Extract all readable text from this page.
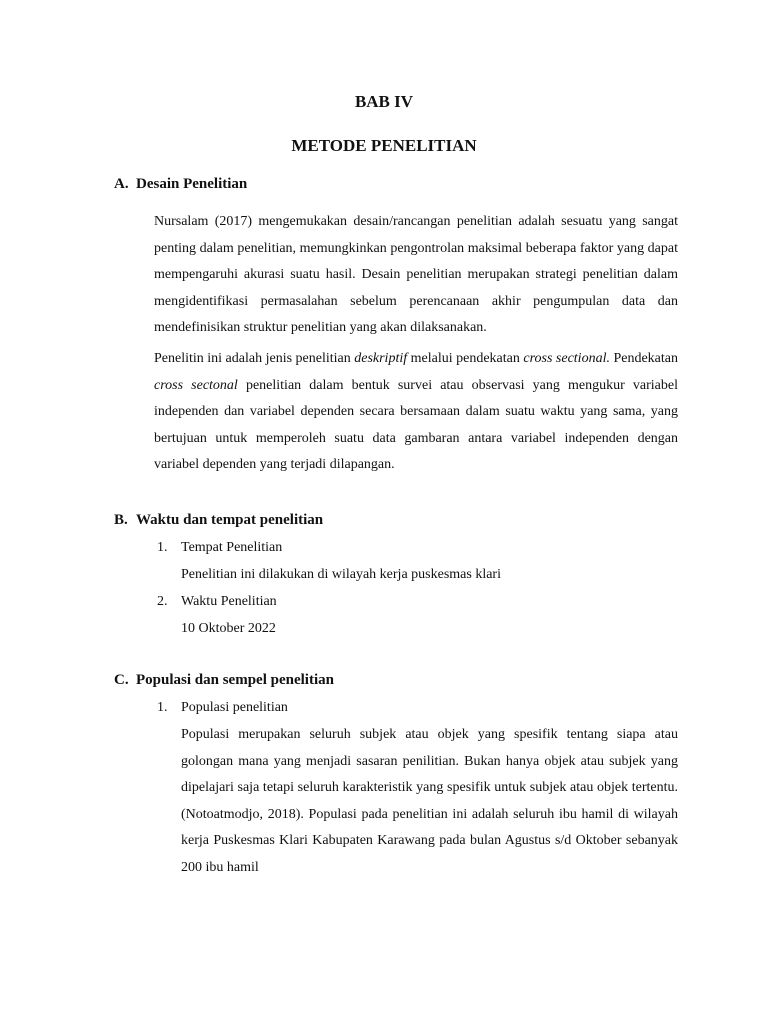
BAB IV
METODE PENELITIAN
A. Desain Penelitian

Nursalam (2017) mengemukakan desain/rancangan penelitian adalah sesuatu yang sangat penting dalam penelitian, memungkinkan pengontrolan maksimal beberapa faktor yang dapat mempengaruhi akurasi suatu hasil. Desain penelitian merupakan strategi penelitian dalam mengidentifikasi permasalahan sebelum perencanaan akhir pengumpulan data dan mendefinisikan struktur penelitian yang akan dilaksanakan.

Penelitin ini adalah jenis penelitian deskriptif melalui pendekatan cross sectional. Pendekatan cross sectonal penelitian dalam bentuk survei atau observasi yang mengukur variabel independen dan variabel dependen secara bersamaan dalam suatu waktu yang sama, yang bertujuan untuk memperoleh suatu data gambaran antara variabel independen dengan variabel dependen yang terjadi dilapangan.

B. Waktu dan tempat penelitian
1. Tempat Penelitian
Penelitian ini dilakukan di wilayah kerja puskesmas klari
2. Waktu Penelitian
10 Oktober 2022
C. Populasi dan sempel penelitian
1. Populasi penelitian

Populasi merupakan seluruh subjek atau objek yang spesifik tentang siapa atau golongan mana yang menjadi sasaran penilitian. Bukan hanya objek atau subjek yang dipelajari saja tetapi seluruh karakteristik yang spesifik untuk subjek atau objek tertentu. (Notoatmodjo, 2018). Populasi pada penelitian ini adalah seluruh ibu hamil di wilayah kerja Puskesmas Klari Kabupaten Karawang pada bulan Agustus s/d Oktober sebanyak 200 ibu hamil
